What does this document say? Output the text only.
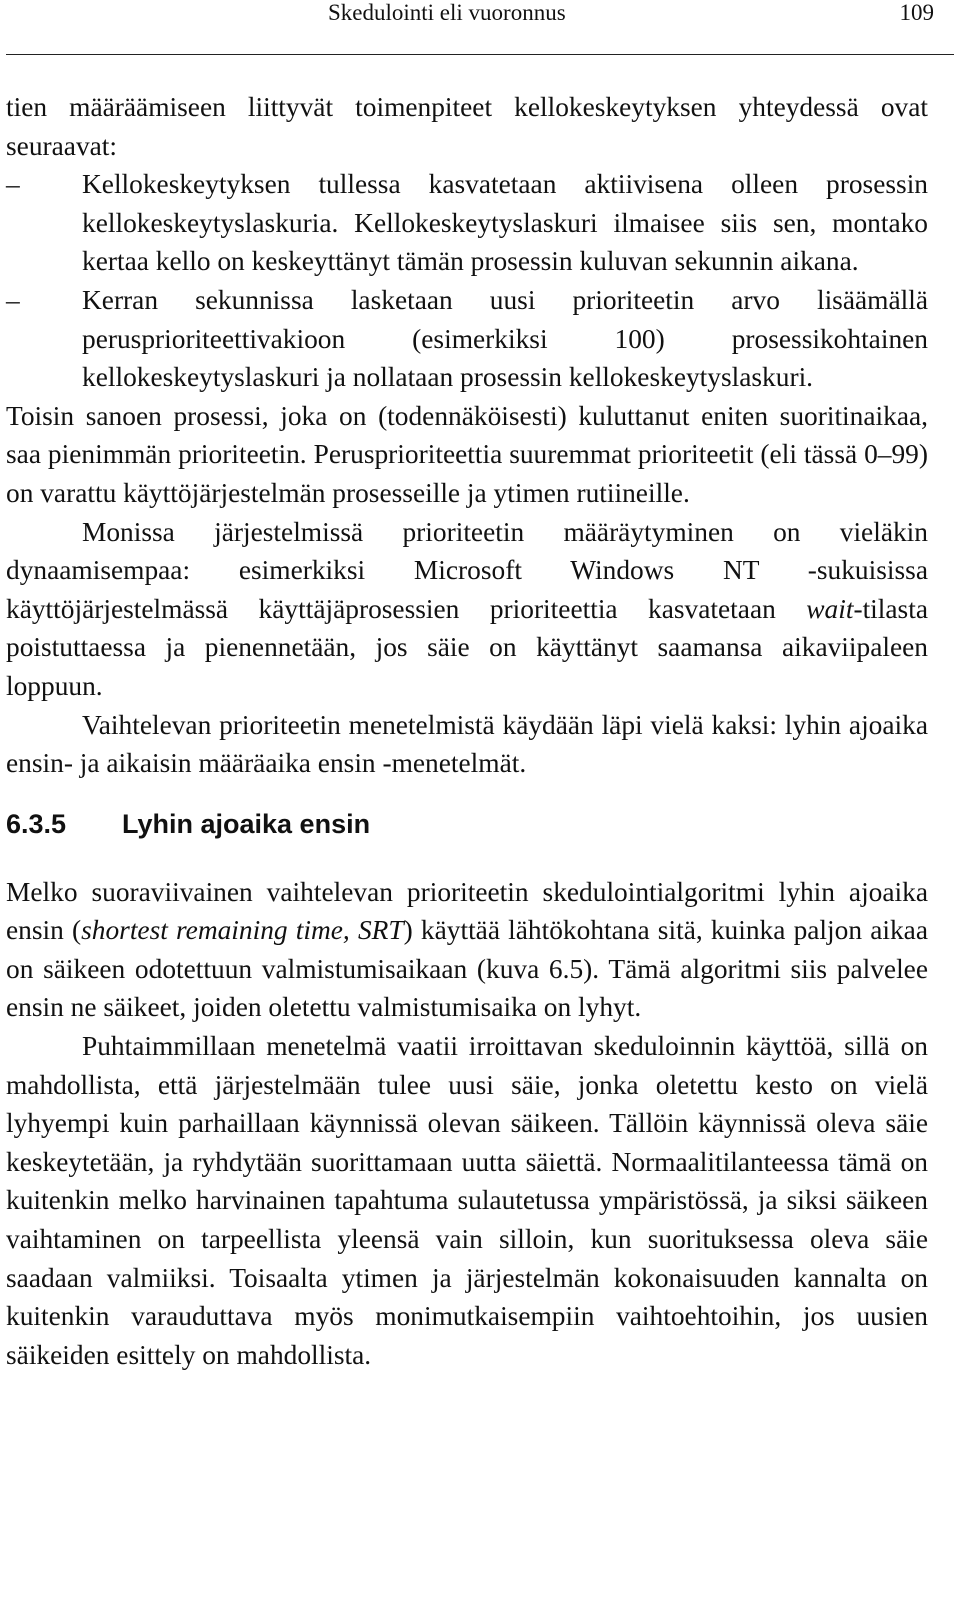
Skedulointi eli vuoronnus	109

tien määräämiseen liittyvät toimenpiteet kellokeskeytyksen yhteydessä ovat seuraavat:

–	Kellokeskeytyksen tullessa kasvatetaan aktiivisena olleen prosessin kellokeskeytyslaskuria. Kellokeskeytyslaskuri ilmaisee siis sen, montako kertaa kello on keskeyttänyt tämän prosessin kuluvan sekunnin aikana.
–	Kerran sekunnissa lasketaan uusi prioriteetin arvo lisäämällä perusprioriteettivakioon (esimerkiksi 100) prosessikohtainen kellokeskeytyslaskuri ja nollataan prosessin kellokeskeytyslaskuri.

Toisin sanoen prosessi, joka on (todennäköisesti) kuluttanut eniten suoritinaikaa, saa pienimmän prioriteetin. Perusprioriteettia suuremmat prioriteetit (eli tässä 0–99) on varattu käyttöjärjestelmän prosesseille ja ytimen rutiineille.

Monissa järjestelmissä prioriteetin määräytyminen on vieläkin dynaamisempaa: esimerkiksi Microsoft Windows NT -sukuisissa käyttöjärjestelmässä käyttäjäprosessien prioriteettia kasvatetaan wait-tilasta poistuttaessa ja pienennetään, jos säie on käyttänyt saamansa aikaviipaleen loppuun.

Vaihtelevan prioriteetin menetelmistä käydään läpi vielä kaksi: lyhin ajoaika ensin- ja aikaisin määräaika ensin -menetelmät.

6.3.5 Lyhin ajoaika ensin

Melko suoraviivainen vaihtelevan prioriteetin skedulointialgoritmi lyhin ajoaika ensin (shortest remaining time, SRT) käyttää lähtökohtana sitä, kuinka paljon aikaa on säikeen odotettuun valmistumisaikaan (kuva 6.5). Tämä algoritmi siis palvelee ensin ne säikeet, joiden oletettu valmistumisaika on lyhyt.

Puhtaimmillaan menetelmä vaatii irroittavan skeduloinnin käyttöä, sillä on mahdollista, että järjestelmään tulee uusi säie, jonka oletettu kesto on vielä lyhyempi kuin parhaillaan käynnissä olevan säikeen. Tällöin käynnissä oleva säie keskeytetään, ja ryhdytään suorittamaan uutta säiettä. Normaalitilanteessa tämä on kuitenkin melko harvinainen tapahtuma sulautetussa ympäristössä, ja siksi säikeen vaihtaminen on tarpeellista yleensä vain silloin, kun suorituksessa oleva säie saadaan valmiiksi. Toisaalta ytimen ja järjestelmän kokonaisuuden kannalta on kuitenkin varauduttava myös monimutkaisempiin vaihtoehtoihin, jos uusien säikeiden esittely on mahdollista.
